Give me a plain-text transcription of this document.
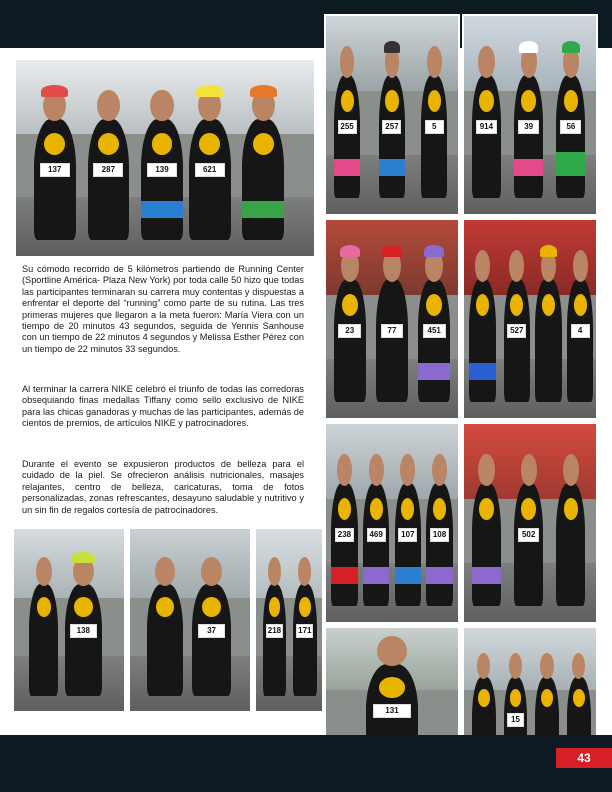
137	287	139	621
Su cómodo recorrido de 5 kilómetros partiendo de Running Center (Sportline América- Plaza New York) por toda calle 50 hizo que todas las participantes terminaran su carrera muy contentas y dispuestas a enfrentar el deporte del “running” como parte de su rutina. Las tres primeras mujeres que llegaron a la meta fueron: María Viera con un tiempo de 20 minutos 43 segundos, seguida de Yennis Sanhouse con un tiempo de 22 minutos 4 segundos y Melissa Esther Pérez con un tiempo de 22 minutos 33 segundos.
Al terminar la carrera NIKE celebró el triunfo de todas las corredoras obsequiando finas medallas Tiffany como sello exclusivo de NIKE para las chicas ganadoras y muchas de las participantes, además de cientos de premios, de artículos NIKE y patrocinadores.
Durante el evento se expusieron productos de belleza para el cuidado de la piel. Se ofrecieron análisis nutricionales, masajes relajantes, centro de belleza, caricaturas, toma de fotos personalizadas, zonas refrescantes, desayuno saludable y nutritivo y un sin fin de regalos cortesía de patrocinadores.
255	257	5	914	39	56
23	77	451	527	4
238	469	107	108	502
138	37	218 171
131
15
43
